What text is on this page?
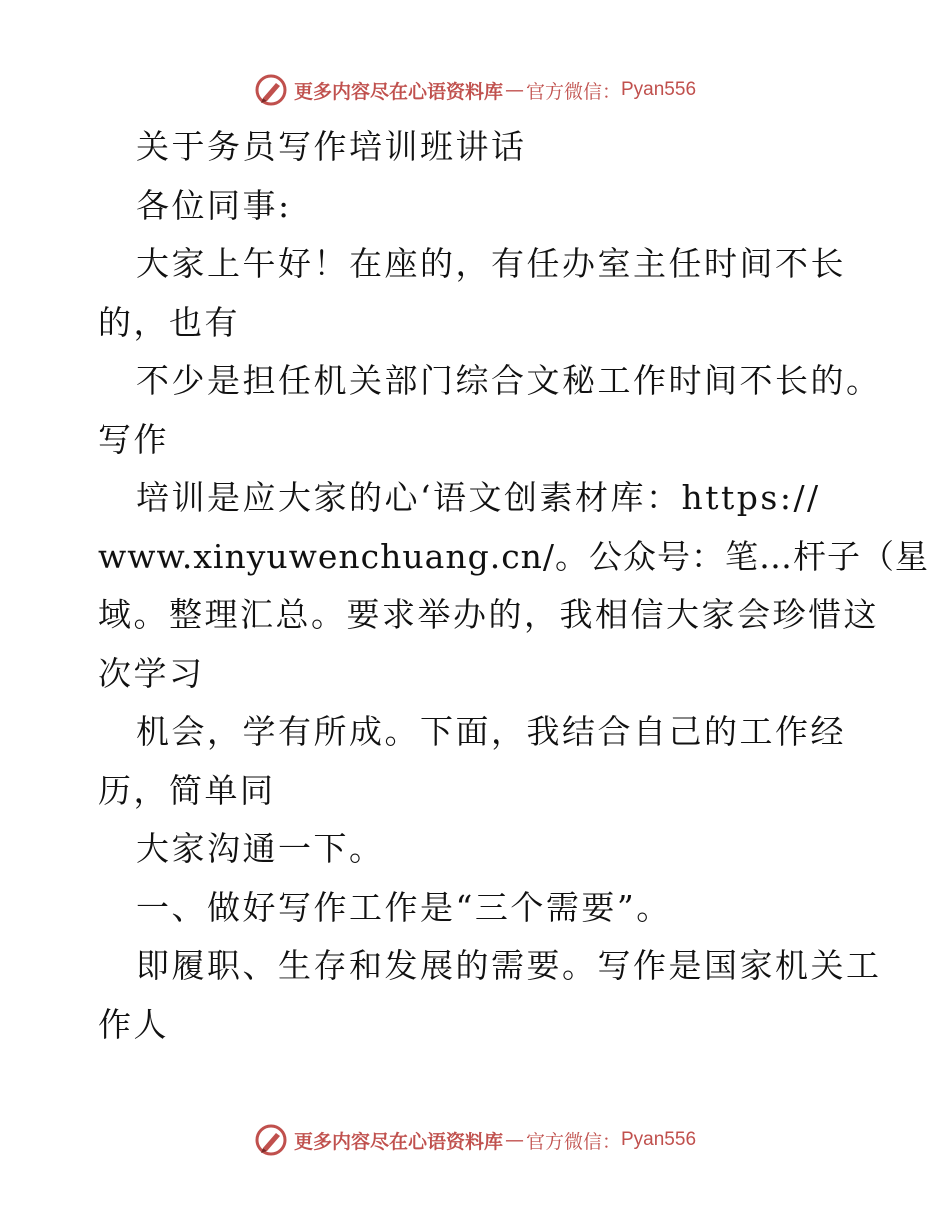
更多内容尽在心语资料库 — 官方微信： Pyan556
关于务员写作培训班讲话
各位同事:
大家上午好！在座的，有任办室主任时间不长
的，也有
不少是担任机关部门综合文秘工作时间不长的。
写作
培训是应大家的心‘语文创素材库：https://
www.xinyuwenchuang.cn/。公众号：笔…杆子（星
域。整理汇总。要求举办的，我相信大家会珍惜这
次学习
机会，学有所成。下面，我结合自己的工作经
历，简单同
大家沟通一下。
一、做好写作工作是“三个需要”。
即履职、生存和发展的需要。写作是国家机关工
作人
更多内容尽在心语资料库 — 官方微信： Pyan556
